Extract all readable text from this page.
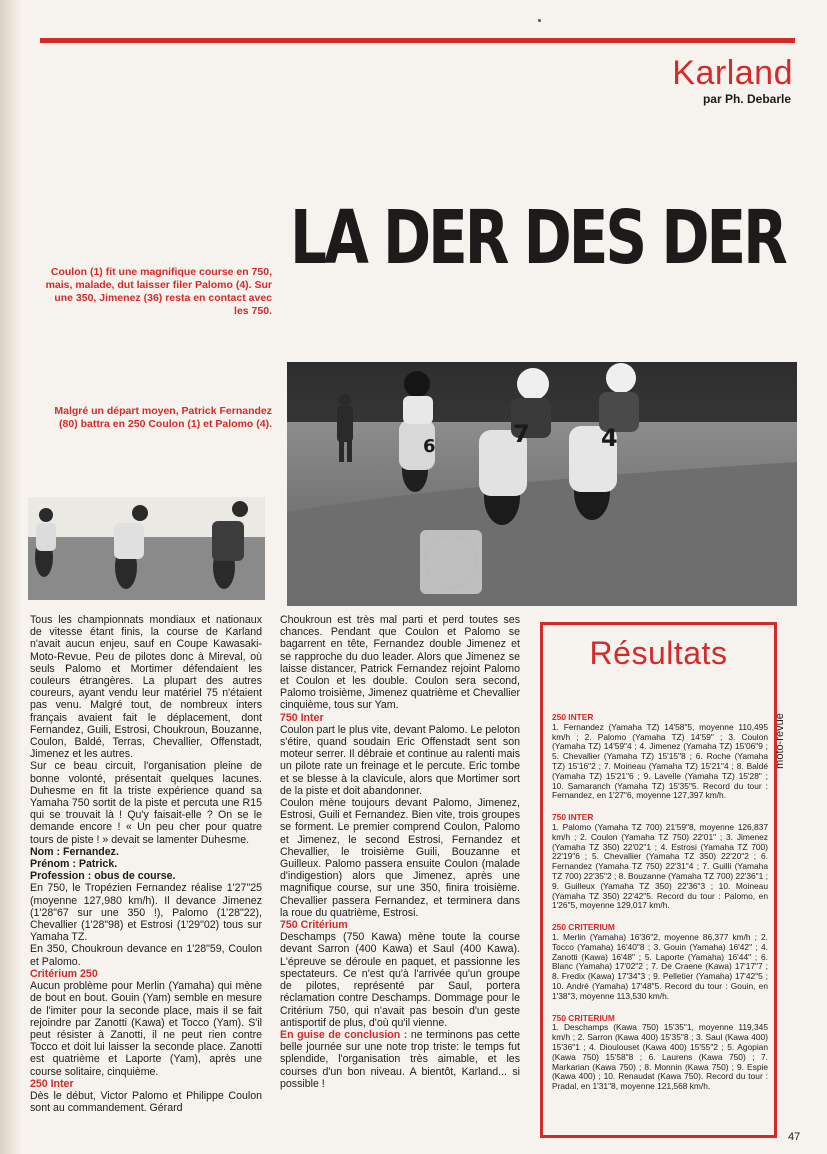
Karland
par Ph. Debarle
LA DER DES DER

Coulon (1) fit une magnifique course en 750, mais, malade, dut laisser filer Palomo (4). Sur une 350, Jimenez (36) resta en contact avec les 750.

Malgré un départ moyen, Patrick Fernandez (80) battra en 250 Coulon (1) et Palomo (4).

6	7	4

Tous les championnats mondiaux et nationaux de vitesse étant finis, la course de Karland n'avait aucun enjeu, sauf en Coupe Kawasaki-Moto-Revue. Peu de pilotes donc à Mireval, où seuls Palomo et Mortimer défendaient les couleurs étrangères. La plupart des autres coureurs, ayant vendu leur matériel 75 n'étaient pas venu. Malgré tout, de nombreux inters français avaient fait le déplacement, dont Fernandez, Guili, Estrosi, Choukroun, Bouzanne, Coulon, Baldé, Terras, Chevallier, Offenstadt, Jimenez et les autres.

Sur ce beau circuit, l'organisation pleine de bonne volonté, présentait quelques lacunes. Duhesme en fit la triste expérience quand sa Yamaha 750 sortit de la piste et percuta une R15 qui se trouvait là ! Qu'y faisait-elle ? On se le demande encore ! « Un peu cher pour quatre tours de piste ! » devait se lamenter Duhesme.

Nom : Fernandez.

Prénom : Patrick.

Profession : obus de course.

En 750, le Tropézien Fernandez réalise 1'27"25 (moyenne 127,980 km/h). Il devance Jimenez (1'28"67 sur une 350 !), Palomo (1'28"22), Chevallier (1'28"98) et Estrosi (1'29"02) tous sur Yamaha TZ.

En 350, Choukroun devance en 1'28"59, Coulon et Palomo.

Critérium 250

Aucun problème pour Merlin (Yamaha) qui mène de bout en bout. Gouin (Yam) semble en mesure de l'imiter pour la seconde place, mais il se fait rejoindre par Zanotti (Kawa) et Tocco (Yam). S'il peut résister à Zanotti, il ne peut rien contre Tocco et doit lui laisser la seconde place. Zanotti est quatrième et Laporte (Yam), après une course solitaire, cinquième.

250 Inter

Dès le début, Victor Palomo et Philippe Coulon sont au commandement. Gérard

Choukroun est très mal parti et perd toutes ses chances. Pendant que Coulon et Palomo se bagarrent en tête, Fernandez double Jimenez et se rapproche du duo leader. Alors que Jimenez se laisse distancer, Patrick Fernandez rejoint Palomo et Coulon et les double. Coulon sera second, Palomo troisième, Jimenez quatrième et Chevallier cinquième, tous sur Yam.

750 Inter

Coulon part le plus vite, devant Palomo. Le peloton s'étire, quand soudain Eric Offenstadt sent son moteur serrer. Il débraie et continue au ralenti mais un pilote rate un freinage et le percute. Eric tombe et se blesse à la clavicule, alors que Mortimer sort de la piste et doit abandonner.

Coulon mène toujours devant Palomo, Jimenez, Estrosi, Guili et Fernandez. Bien vite, trois groupes se forment. Le premier comprend Coulon, Palomo et Jimenez, le second Estrosi, Fernandez et Chevallier, le troisième Guili, Bouzanne et Guilleux. Palomo passera ensuite Coulon (malade d'indigestion) alors que Jimenez, après une magnifique course, sur une 350, finira troisième. Chevallier passera Fernandez, et terminera dans la roue du quatrième, Estrosi.

750 Critérium

Deschamps (750 Kawa) mène toute la course devant Sarron (400 Kawa) et Saul (400 Kawa). L'épreuve se déroule en paquet, et passionne les spectateurs. Ce n'est qu'à l'arrivée qu'un groupe de pilotes, représenté par Saul, portera réclamation contre Deschamps. Dommage pour le Critérium 750, qui n'avait pas besoin d'un geste antisportif de plus, d'où qu'il vienne.

En guise de conclusion : ne terminons pas cette belle journée sur une note trop triste: le temps fut splendide, l'organisation très aimable, et les courses d'un bon niveau. A bientôt, Karland... si possible !

Résultats

250 INTER
1. Fernandez (Yamaha TZ) 14'58"5, moyenne 110,495 km/h ; 2. Palomo (Yamaha TZ) 14'59" ; 3. Coulon (Yamaha TZ) 14'59"4 ; 4. Jimenez (Yamaha TZ) 15'06"9 ; 5. Chevallier (Yamaha TZ) 15'15"8 ; 6. Roche (Yamaha TZ) 15'16"2 ; 7. Moineau (Yamaha TZ) 15'21"4 ; 8. Baldé (Yamaha TZ) 15'21"6 ; 9. Lavelle (Yamaha TZ) 15'28" ; 10. Samaranch (Yamaha TZ) 15'35"5. Record du tour : Fernandez, en 1'27"6, moyenne 127,397 km/h.

750 INTER
1. Palomo (Yamaha TZ 700) 21'59"8, moyenne 126,837 km/h ; 2. Coulon (Yamaha TZ 750) 22'01" ; 3. Jimenez (Yamaha TZ 350) 22'02"1 ; 4. Estrosi (Yamaha TZ 700) 22'19"6 ; 5. Chevallier (Yamaha TZ 350) 22'20"2 ; 6. Fernandez (Yamaha TZ 750) 22'31"4 ; 7. Guilli (Yamaha TZ 700) 22'35"2 ; 8. Bouzanne (Yamaha TZ 700) 22'36"1 ; 9. Guilleux (Yamaha TZ 350) 22'36"3 ; 10. Moineau (Yamaha TZ 350) 22'42"5. Record du tour : Palomo, en 1'26"5, moyenne 129,017 km/h.

250 CRITERIUM
1. Merlin (Yamaha) 16'36"2, moyenne 86,377 km/h ; 2. Tocco (Yamaha) 16'40"8 ; 3. Gouin (Yamaha) 16'42" ; 4. Zanotti (Kawa) 16'48" ; 5. Laporte (Yamaha) 16'44" ; 6. Blanc (Yamaha) 17'02"2 ; 7. De Craene (Kawa) 17'17"7 ; 8. Fredix (Kawa) 17'34"3 ; 9. Pelletier (Yamaha) 17'42"5 ; 10. André (Yamaha) 17'48"5. Record du tour : Gouin, en 1'38"3, moyenne 113,530 km/h.

750 CRITERIUM
1. Deschamps (Kawa 750) 15'35"1, moyenne 119,345 km/h ; 2. Sarron (Kawa 400) 15'35"8 ; 3. Saul (Kawa 400) 15'36"1 ; 4. Dioulouset (Kawa 400) 15'55"2 ; 5. Agopian (Kawa 750) 15'58"8 ; 6. Laurens (Kawa 750) ; 7. Markarian (Kawa 750) ; 8. Monnin (Kawa 750) ; 9. Espie (Kawa 400) ; 10. Renaudat (Kawa 750). Record du tour : Pradal, en 1'31"8, moyenne 121,568 km/h.

moto-revue
47
